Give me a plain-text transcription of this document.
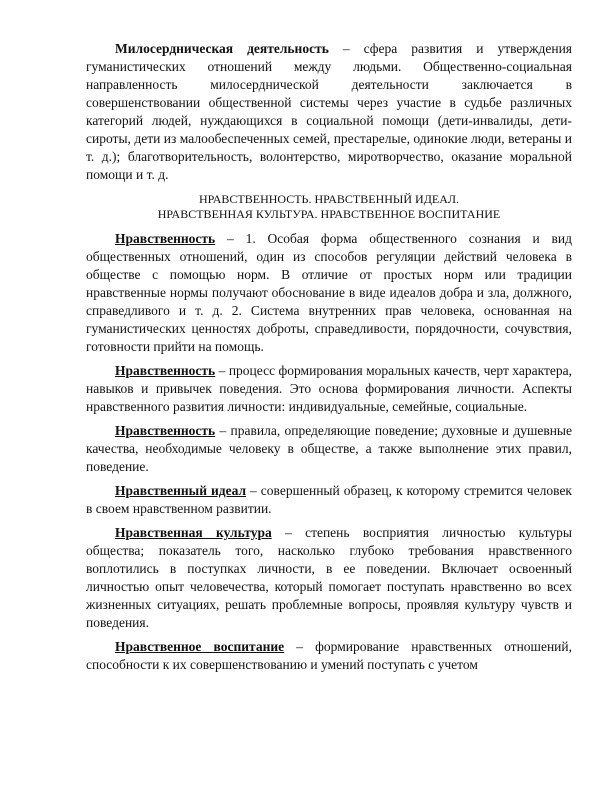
Милосердническая деятельность – сфера развития и утверждения гуманистических отношений между людьми. Общественно-социальная направленность милосерднической деятельности заключается в совершенствовании общественной системы через участие в судьбе различных категорий людей, нуждающихся в социальной помощи (дети-инвалиды, дети-сироты, дети из малообеспеченных семей, престарелые, одинокие люди, ветераны и т. д.); благотворительность, волонтерство, миротворчество, оказание моральной помощи и т. д.

НРАВСТВЕННОСТЬ. НРАВСТВЕННЫЙ ИДЕАЛ.
НРАВСТВЕННАЯ КУЛЬТУРА. НРАВСТВЕННОЕ ВОСПИТАНИЕ

Нравственность – 1. Особая форма общественного сознания и вид общественных отношений, один из способов регуляции действий человека в обществе с помощью норм. В отличие от простых норм или традиции нравственные нормы получают обоснование в виде идеалов добра и зла, должного, справедливого и т. д. 2. Система внутренних прав человека, основанная на гуманистических ценностях доброты, справедливости, порядочности, сочувствия, готовности прийти на помощь.

Нравственность – процесс формирования моральных качеств, черт характера, навыков и привычек поведения. Это основа формирования личности. Аспекты нравственного развития личности: индивидуальные, семейные, социальные.

Нравственность – правила, определяющие поведение; духовные и душевные качества, необходимые человеку в обществе, а также выполнение этих правил, поведение.

Нравственный идеал – совершенный образец, к которому стремится человек в своем нравственном развитии.

Нравственная культура – степень восприятия личностью культуры общества; показатель того, насколько глубоко требования нравственного воплотились в поступках личности, в ее поведении. Включает освоенный личностью опыт человечества, который помогает поступать нравственно во всех жизненных ситуациях, решать проблемные вопросы, проявляя культуру чувств и поведения.

Нравственное воспитание – формирование нравственных отношений, способности к их совершенствованию и умений поступать с учетом
